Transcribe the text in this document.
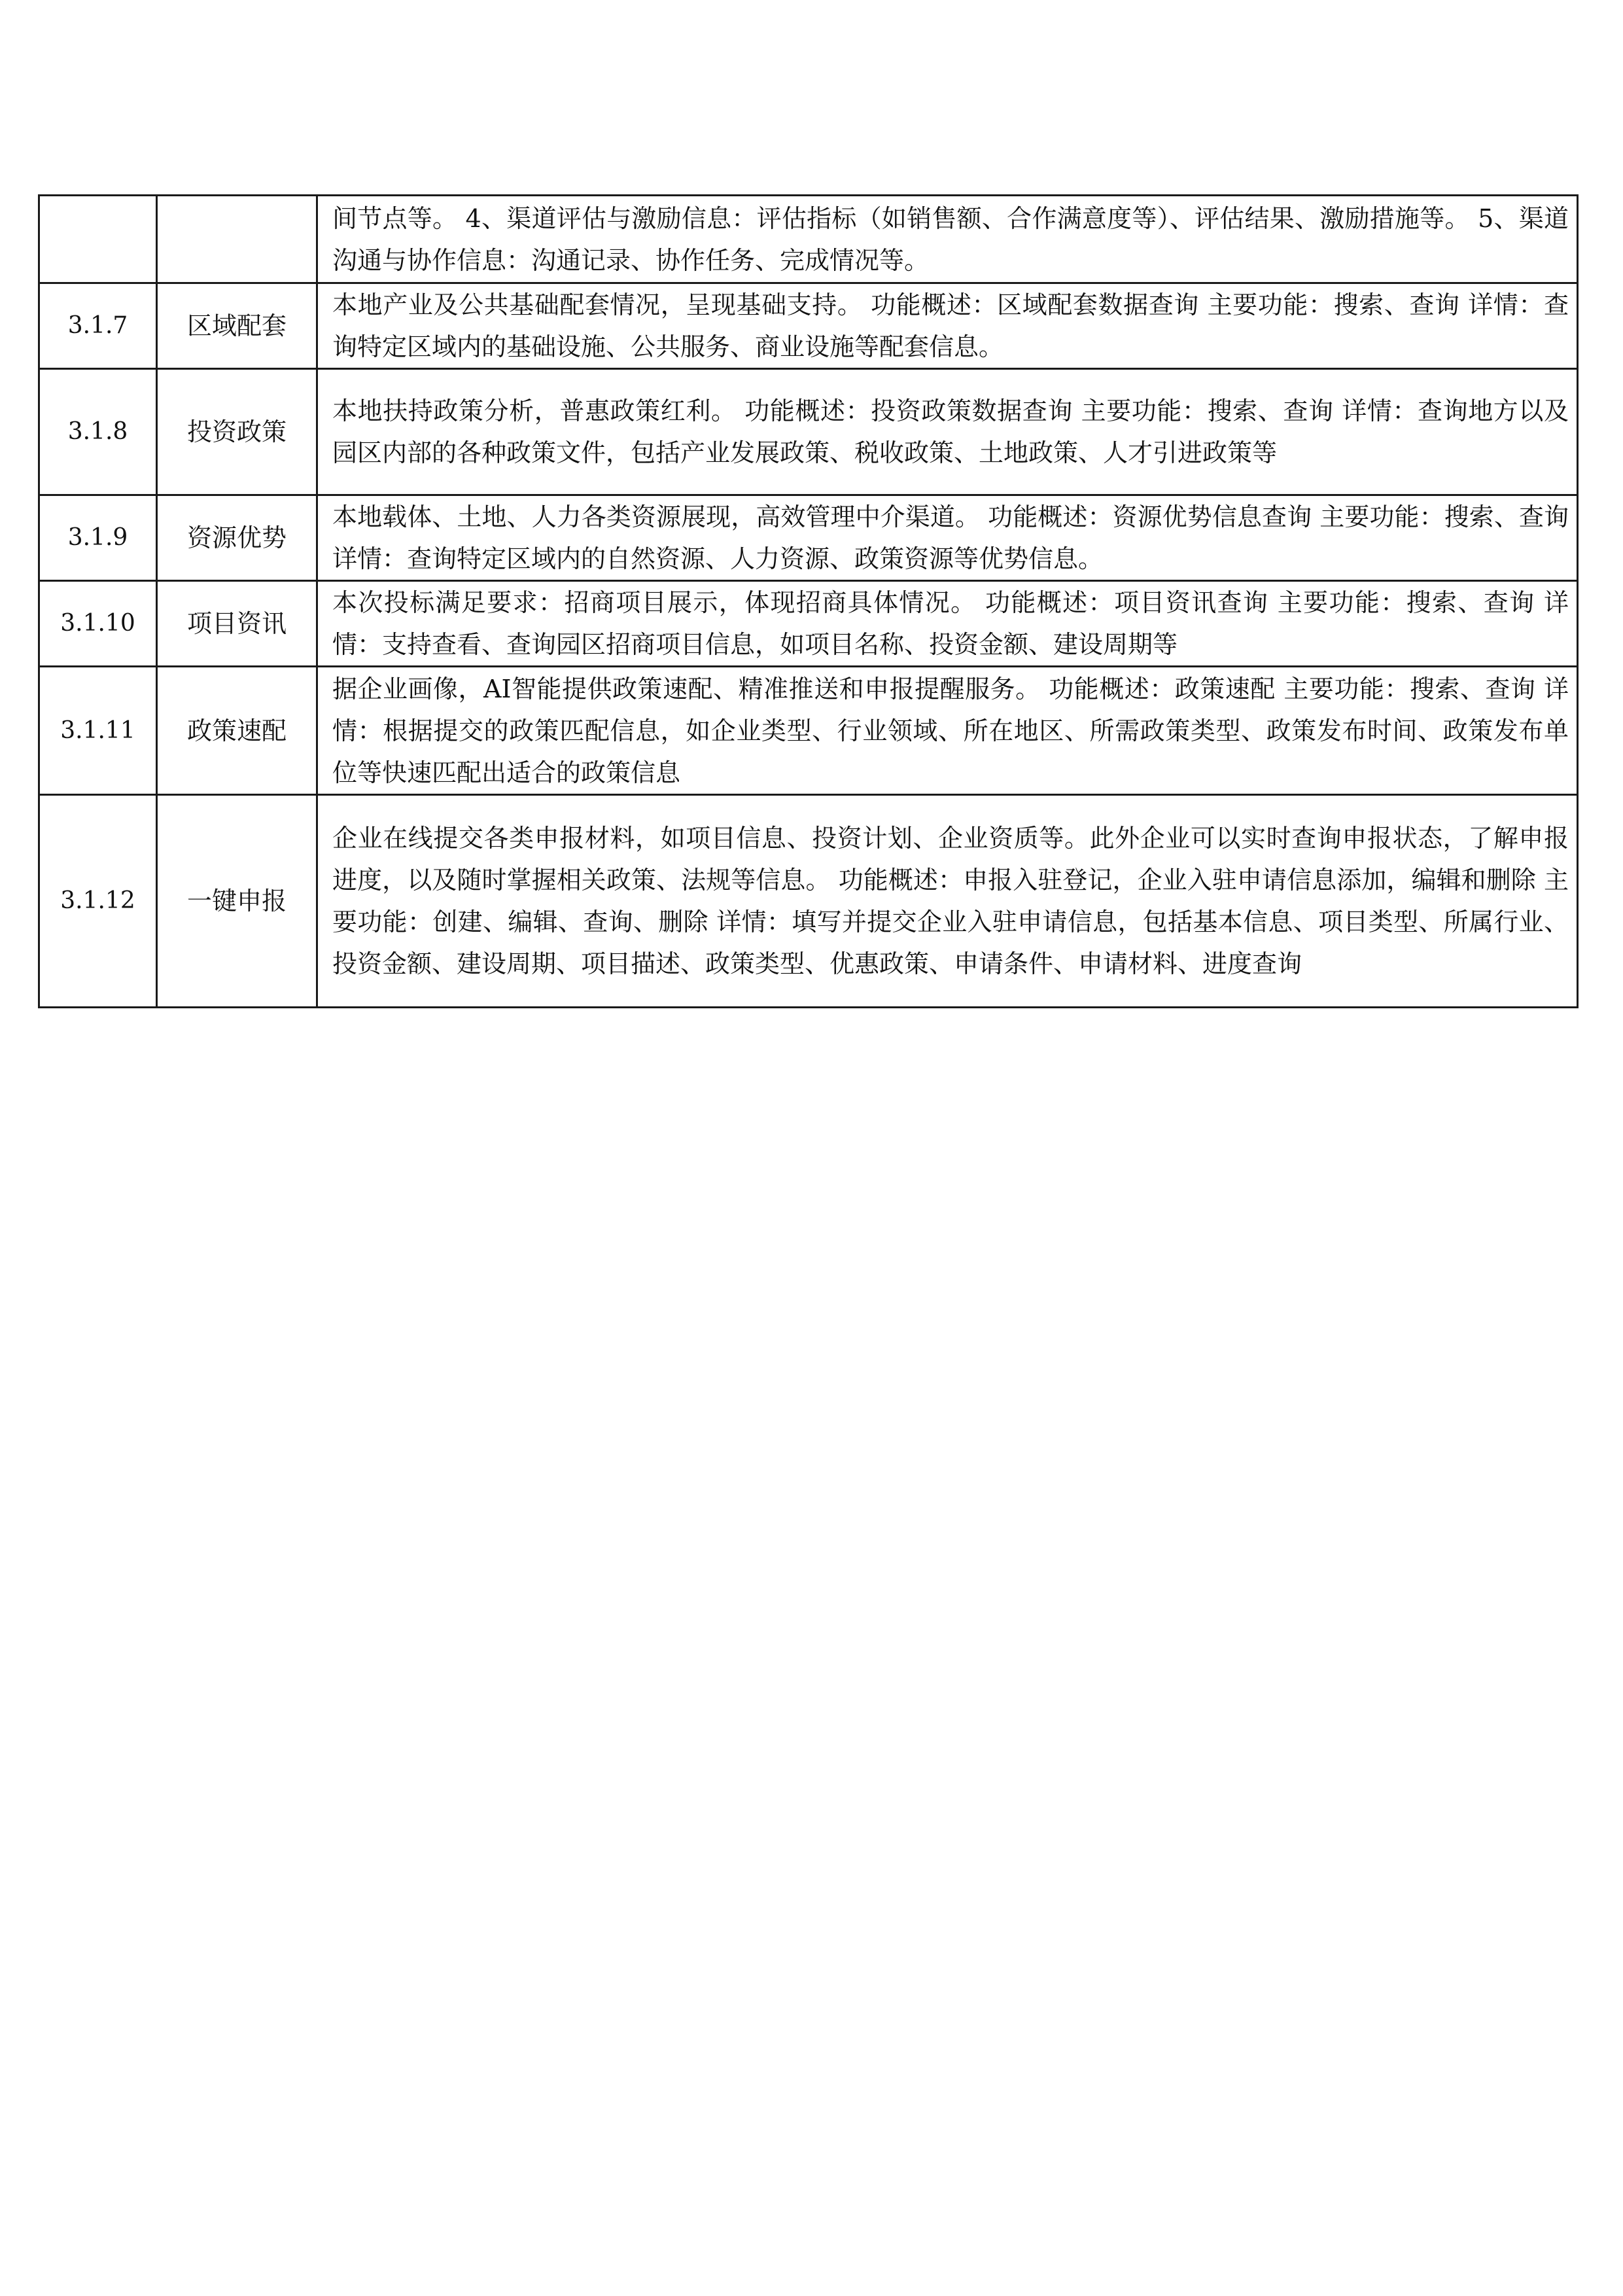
		间节点等。 4、渠道评估与激励信息：评估指标（如销售额、合作满意度等）、评估结果、激励措施等。 5、渠道沟通与协作信息：沟通记录、协作任务、完成情况等。
3.1.7	区域配套	本地产业及公共基础配套情况，呈现基础支持。 功能概述：区域配套数据查询 主要功能：搜索、查询 详情：查询特定区域内的基础设施、公共服务、商业设施等配套信息。
3.1.8	投资政策	本地扶持政策分析，普惠政策红利。 功能概述：投资政策数据查询 主要功能：搜索、查询 详情：查询地方以及园区内部的各种政策文件，包括产业发展政策、税收政策、土地政策、人才引进政策等
3.1.9	资源优势	本地载体、土地、人力各类资源展现，高效管理中介渠道。 功能概述：资源优势信息查询 主要功能：搜索、查询 详情：查询特定区域内的自然资源、人力资源、政策资源等优势信息。
3.1.10	项目资讯	本次投标满足要求：招商项目展示，体现招商具体情况。 功能概述：项目资讯查询 主要功能：搜索、查询 详情：支持查看、查询园区招商项目信息，如项目名称、投资金额、建设周期等
3.1.11	政策速配	据企业画像，AI智能提供政策速配、精准推送和申报提醒服务。 功能概述：政策速配 主要功能：搜索、查询 详情：根据提交的政策匹配信息，如企业类型、行业领域、所在地区、所需政策类型、政策发布时间、政策发布单位等快速匹配出适合的政策信息
3.1.12	一键申报	企业在线提交各类申报材料，如项目信息、投资计划、企业资质等。此外企业可以实时查询申报状态，了解申报进度，以及随时掌握相关政策、法规等信息。 功能概述：申报入驻登记，企业入驻申请信息添加，编辑和删除 主要功能：创建、编辑、查询、删除 详情：填写并提交企业入驻申请信息，包括基本信息、项目类型、所属行业、投资金额、建设周期、项目描述、政策类型、优惠政策、申请条件、申请材料、进度查询
